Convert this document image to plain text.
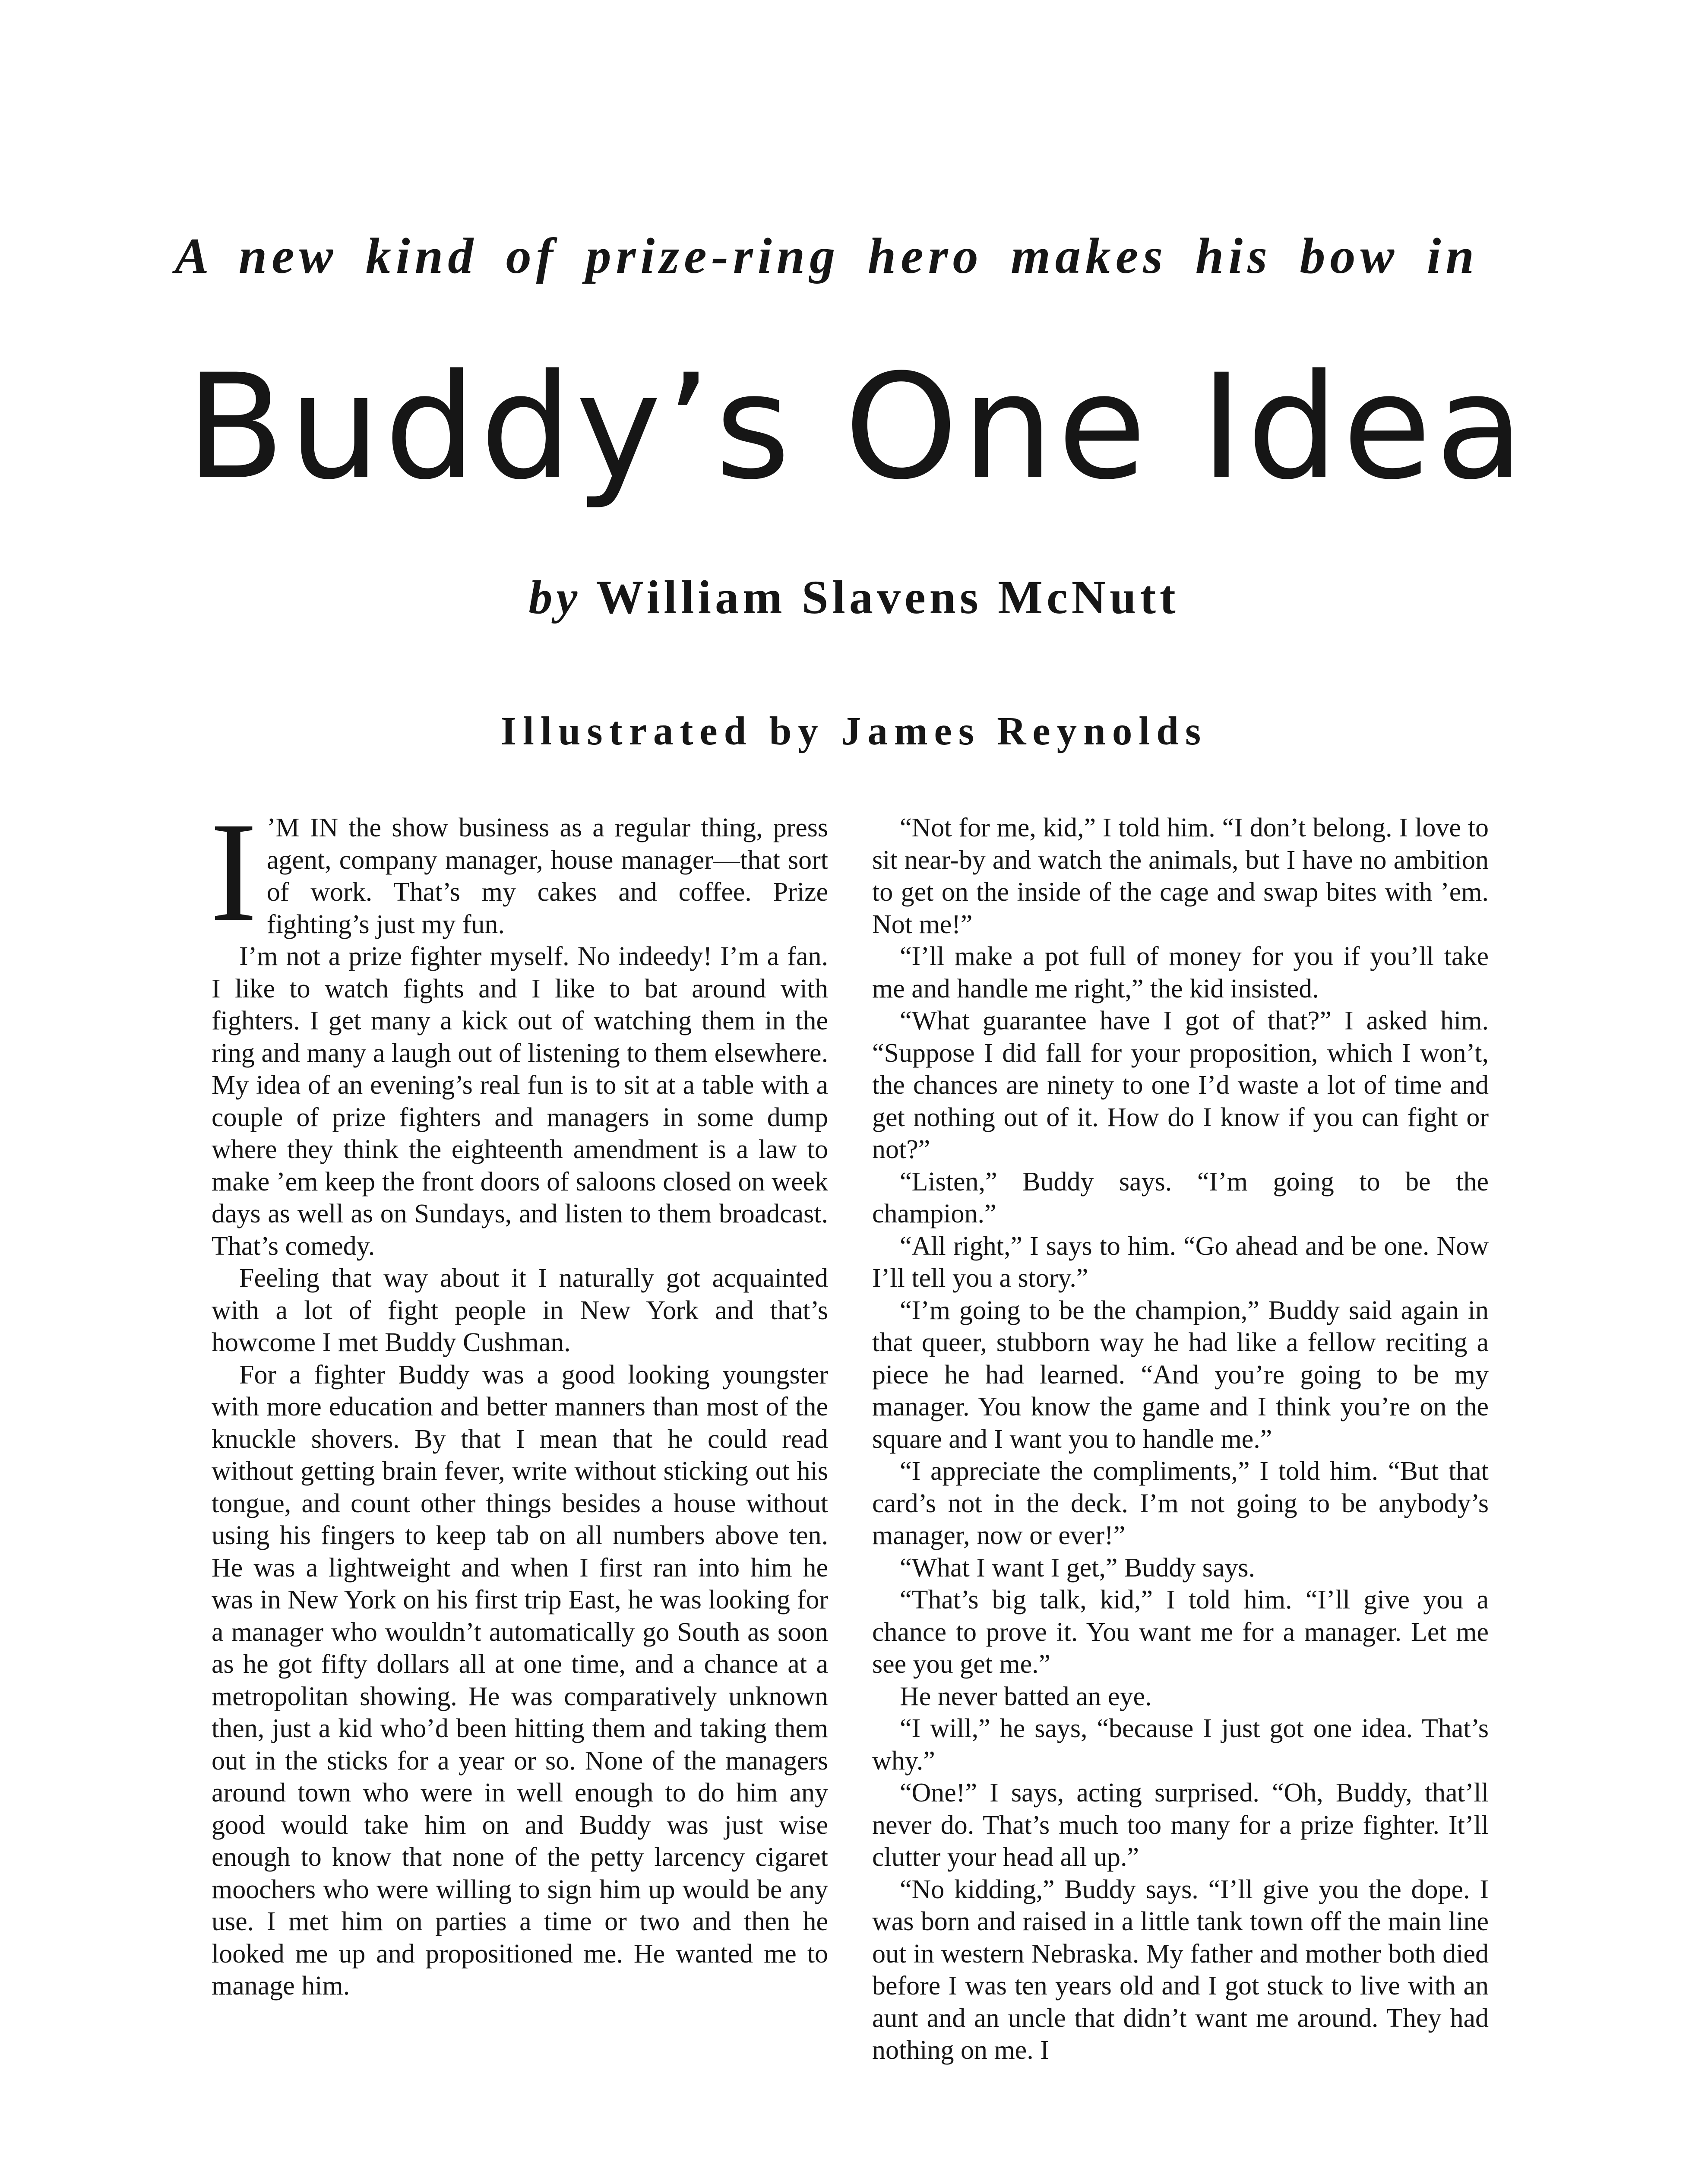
A new kind of prize-ring hero makes his bow in
Buddy’s One Idea
by William Slavens McNutt
Illustrated by James Reynolds

I ’M IN the show business as a regular thing, press agent, company manager, house manager—that sort of work. That’s my cakes and coffee. Prize fighting’s just my fun.

I’m not a prize fighter myself. No indeedy! I’m a fan. I like to watch fights and I like to bat around with fighters. I get many a kick out of watching them in the ring and many a laugh out of listening to them elsewhere. My idea of an evening’s real fun is to sit at a table with a couple of prize fighters and managers in some dump where they think the eighteenth amendment is a law to make ’em keep the front doors of saloons closed on week days as well as on Sundays, and listen to them broadcast. That’s comedy.

Feeling that way about it I naturally got acquainted with a lot of fight people in New York and that’s howcome I met Buddy Cushman.

For a fighter Buddy was a good looking youngster with more education and better manners than most of the knuckle shovers. By that I mean that he could read without getting brain fever, write without sticking out his tongue, and count other things besides a house without using his fingers to keep tab on all numbers above ten. He was a lightweight and when I first ran into him he was in New York on his first trip East, he was looking for a manager who wouldn’t automatically go South as soon as he got fifty dollars all at one time, and a chance at a metropolitan showing. He was comparatively unknown then, just a kid who’d been hitting them and taking them out in the sticks for a year or so. None of the managers around town who were in well enough to do him any good would take him on and Buddy was just wise enough to know that none of the petty larcency cigaret moochers who were willing to sign him up would be any use. I met him on parties a time or two and then he looked me up and propositioned me. He wanted me to manage him.

“Not for me, kid,” I told him. “I don’t belong. I love to sit near-by and watch the animals, but I have no ambition to get on the inside of the cage and swap bites with ’em. Not me!”

“I’ll make a pot full of money for you if you’ll take me and handle me right,” the kid insisted.

“What guarantee have I got of that?” I asked him. “Suppose I did fall for your proposition, which I won’t, the chances are ninety to one I’d waste a lot of time and get nothing out of it. How do I know if you can fight or not?”

“Listen,” Buddy says. “I’m going to be the champion.”

“All right,” I says to him. “Go ahead and be one. Now I’ll tell you a story.”

“I’m going to be the champion,” Buddy said again in that queer, stubborn way he had like a fellow reciting a piece he had learned. “And you’re going to be my manager. You know the game and I think you’re on the square and I want you to handle me.”

“I appreciate the compliments,” I told him. “But that card’s not in the deck. I’m not going to be anybody’s manager, now or ever!”

“What I want I get,” Buddy says.

“That’s big talk, kid,” I told him. “I’ll give you a chance to prove it. You want me for a manager. Let me see you get me.”

He never batted an eye.

“I will,” he says, “because I just got one idea. That’s why.”

“One!” I says, acting surprised. “Oh, Buddy, that’ll never do. That’s much too many for a prize fighter. It’ll clutter your head all up.”

“No kidding,” Buddy says. “I’ll give you the dope. I was born and raised in a little tank town off the main line out in western Nebraska. My father and mother both died before I was ten years old and I got stuck to live with an aunt and an uncle that didn’t want me around. They had nothing on me. I
